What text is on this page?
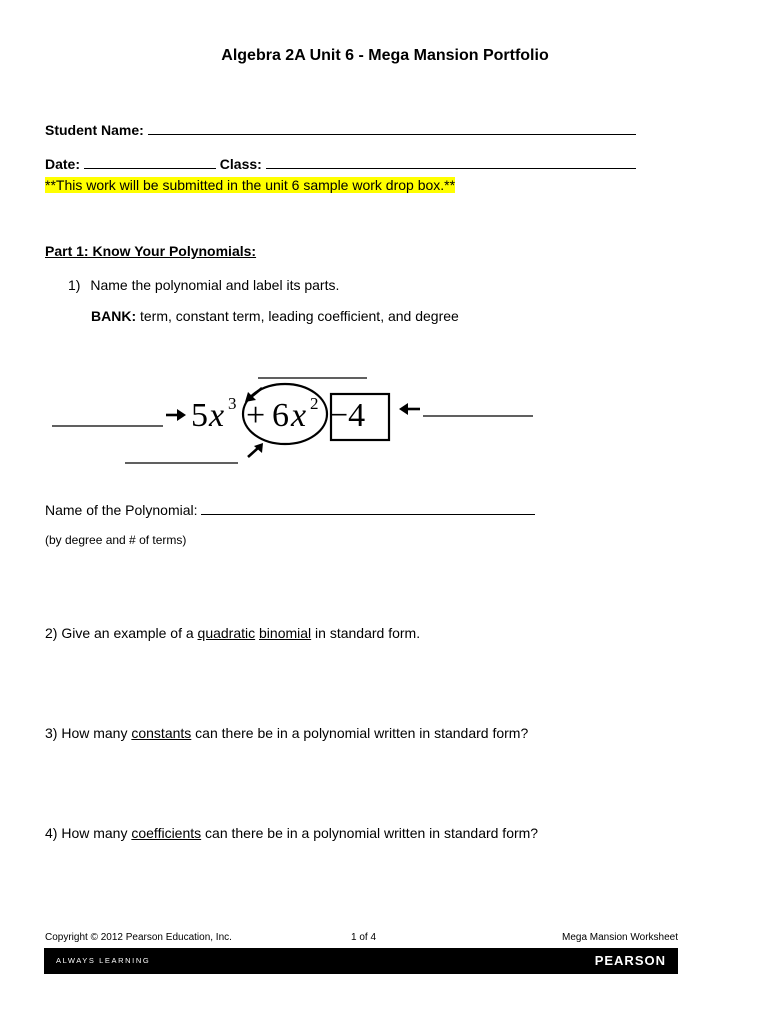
Algebra 2A Unit 6 - Mega Mansion Portfolio
Student Name:
Date:	Class:
**This work will be submitted in the unit 6 sample work drop box.**
Part 1: Know Your Polynomials:
1) Name the polynomial and label its parts.
BANK: term, constant term, leading coefficient, and degree
5 x 3 + 6 x 2 −4
Name of the Polynomial:
(by degree and # of terms)
2) Give an example of a quadratic binomial in standard form.
3) How many constants can there be in a polynomial written in standard form?
4) How many coefficients can there be in a polynomial written in standard form?
Copyright © 2012 Pearson Education, Inc.	1 of 4	Mega Mansion Worksheet
ALWAYS LEARNING	PEARSON
